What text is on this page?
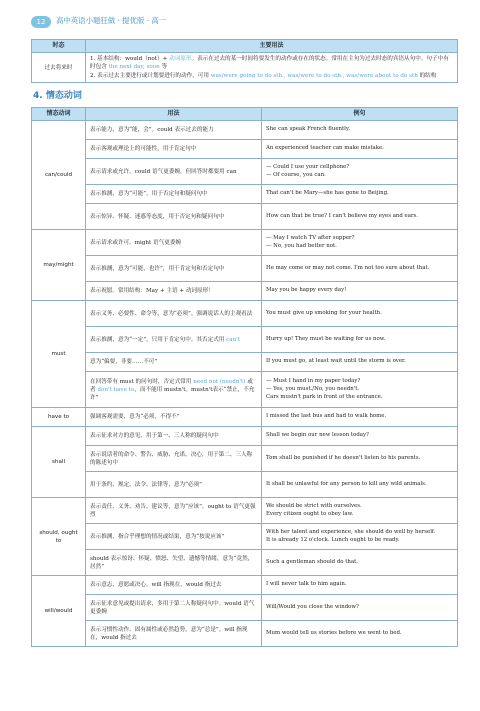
12	高中英语小题狂做 · 提优版 · 高一
时态	主要用法
过去将来时	1. 基本结构：would（not）+ 动词原形。表示在过去的某一时间将要发生的动作或存在的状态。常用在主句为过去时态的宾语从句中。句子中有时包含 the next day, soon 等
2. 表示过去主要进行或计划要进行的动作，可用 was/were going to do sth., was/were to do sth., was/were about to do sth 的结构
4. 情态动词
情态动词	用法	例句
can/could	表示能力，意为“能，会”。could 表示过去的能力	She can speak French fluently.
	表示客观或理论上的可能性，用于肯定句中	An experienced teacher can make mistake.
	表示请求或允许。could 语气更委婉，但回答时都要用 can	— Could I use your cellphone?
— Of course, you can.
	表示推测，意为“可能”，用于否定句和疑问句中	That can't be Mary—she has gone to Beijing.
	表示惊异、怀疑、迷惑等态度，用于否定句和疑问句中	How can that be true? I can't believe my eyes and ears.
may/might	表示请求或许可。might 语气更委婉	— May I watch TV after supper?
— No, you had better not.
	表示推测，意为“可能，也许”，用于肯定句和否定句中	He may come or may not come. I'm not too sure about that.
	表示祝愿。常用结构：May + 主语 + 动词原形！	May you be happy every day!
must	表示义务、必要性、命令等，意为“必须”。强调说话人的主观看法	You must give up smoking for your health.
	表示推测，意为“一定”，只用于肯定句中。其否定式用 can't	Hurry up! They must be waiting for us now.
	意为“偏要，非要……不可”	If you must go, at least wait until the storm is over.
	在回答带有 must 的问句时，否定式常用 need not (needn't) 或者 don't have to，而不能用 mustn't。mustn't表示“禁止，不允许”	— Must I hand in my paper today?
— Yes, you must./No, you needn't.
Cars mustn't park in front of the entrance.
have to	强调客观需要，意为“必须，不得不”	I missed the last bus and had to walk home.
shall	表示征求对方的意见，用于第一、三人称的疑问句中	Shall we begin our new lesson today?
	表示说话者的命令、警告、威胁、允诺、决心，用于第二、三人称的陈述句中	Tom shall be punished if he doesn't listen to his parents.
	用于条约、规定、法令、法律等，意为“必须”	It shall be unlawful for any person to kill any wild animals.
should, ought to	表示责任、义务、劝告、建议等，意为“应该”。ought to 语气更强烈	We should be strict with ourselves.
Every citizen ought to obey law.
	表示推测，指合乎理想的情况或结果，意为“按说应该”	With her talent and experience, she should do well by herself.
It is already 12 o'clock. Lunch ought to be ready.
	should 表示惊讶、怀疑、愤怒、失望、遗憾等情绪，意为“竟然，居然”	Such a gentleman should do that.
will/would	表示意志、意愿或决心。will 指现在，would 指过去	I will never talk to him again.
	表示征求意见或提出请求，多用于第二人称疑问句中。would 语气更委婉	Will/Would you close the window?
	表示习惯性动作、固有属性或必然趋势，意为“总是”。will 指现在，would 指过去	Mum would tell us stories before we went to bed.
